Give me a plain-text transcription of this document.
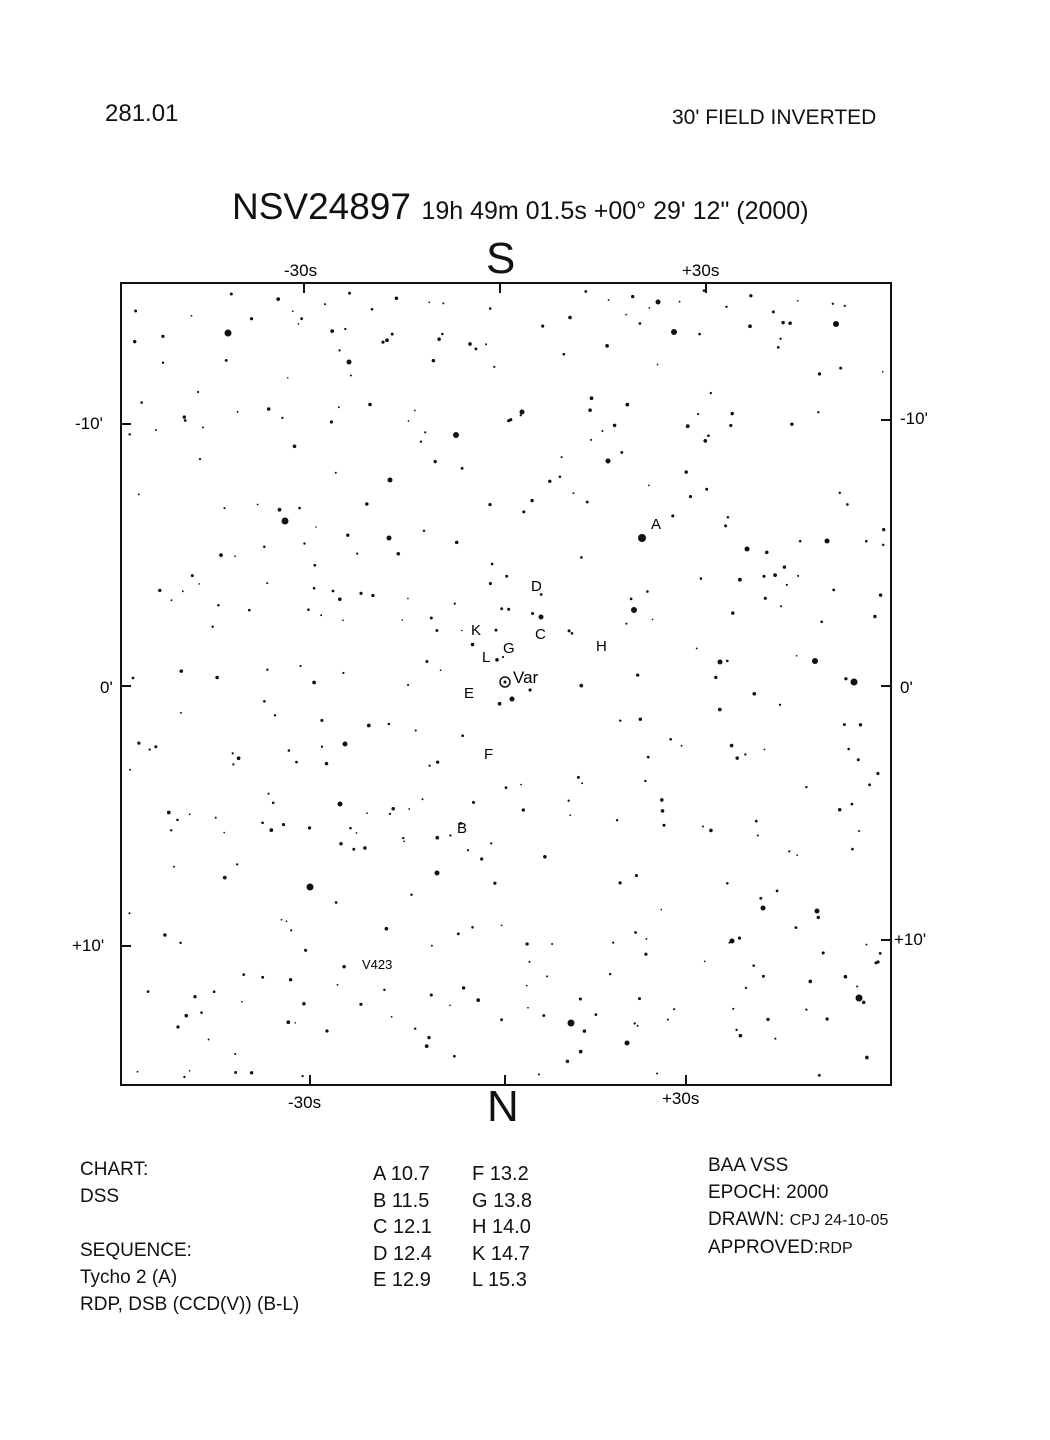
281.01	30' FIELD INVERTED
NSV24897 19h 49m 01.5s +00° 29' 12" (2000)
S
N
-30s	+30s
-30s	+30s
-10'
0'
+10'
-10'
0'
+10'
Var
V423
A
B
C
D
E
F
G	H
K
L
CHART:
DSS
SEQUENCE:
Tycho 2 (A)
RDP, DSB (CCD(V)) (B-L)
A 10.7
B 11.5
C 12.1
D 12.4
E 12.9
F 13.2
G 13.8
H 14.0
K 14.7
L 15.3
BAA VSS
EPOCH: 2000
DRAWN: CPJ 24-10-05
APPROVED:RDP
